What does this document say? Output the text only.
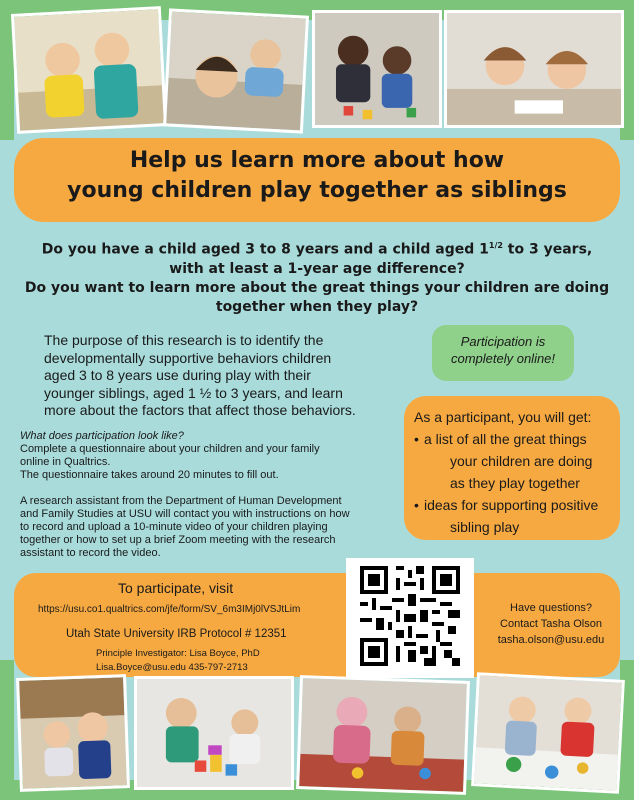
Help us learn more about how
young children play together as siblings
Do you have a child aged 3 to 8 years and a child aged $1^{1/2}$ to 3 years,
with at least a 1-year age difference?
Do you want to learn more about the great things your children are doing
together when they play?
The purpose of this research is to identify the
developmentally supportive behaviors children
aged 3 to 8 years use during play with their
younger siblings, aged 1 ½ to 3 years, and learn
more about the factors that affect those behaviors.
Participation is
completely online!

What does participation look like?

Complete a questionnaire about your children and your family

online in Qualtrics.

The questionnaire takes around 20 minutes to fill out.

A research assistant from the Department of Human Development

and Family Studies at USU will contact you with instructions on how

to record and upload a 10-minute video of your children playing

together or how to set up a brief Zoom meeting with the research

assistant to record the video.

As a participant, you will get:
• a list of all the great things
your children are doing
as they play together
• ideas for supporting positive
sibling play
To participate, visit
https://usu.co1.qualtrics.com/jfe/form/SV_6m3IMj0lVSJtLim
Utah State University IRB Protocol # 12351
Principle Investigator: Lisa Boyce, PhD
Lisa.Boyce@usu.edu 435-797-2713
Have questions?
Contact Tasha Olson
tasha.olson@usu.edu
